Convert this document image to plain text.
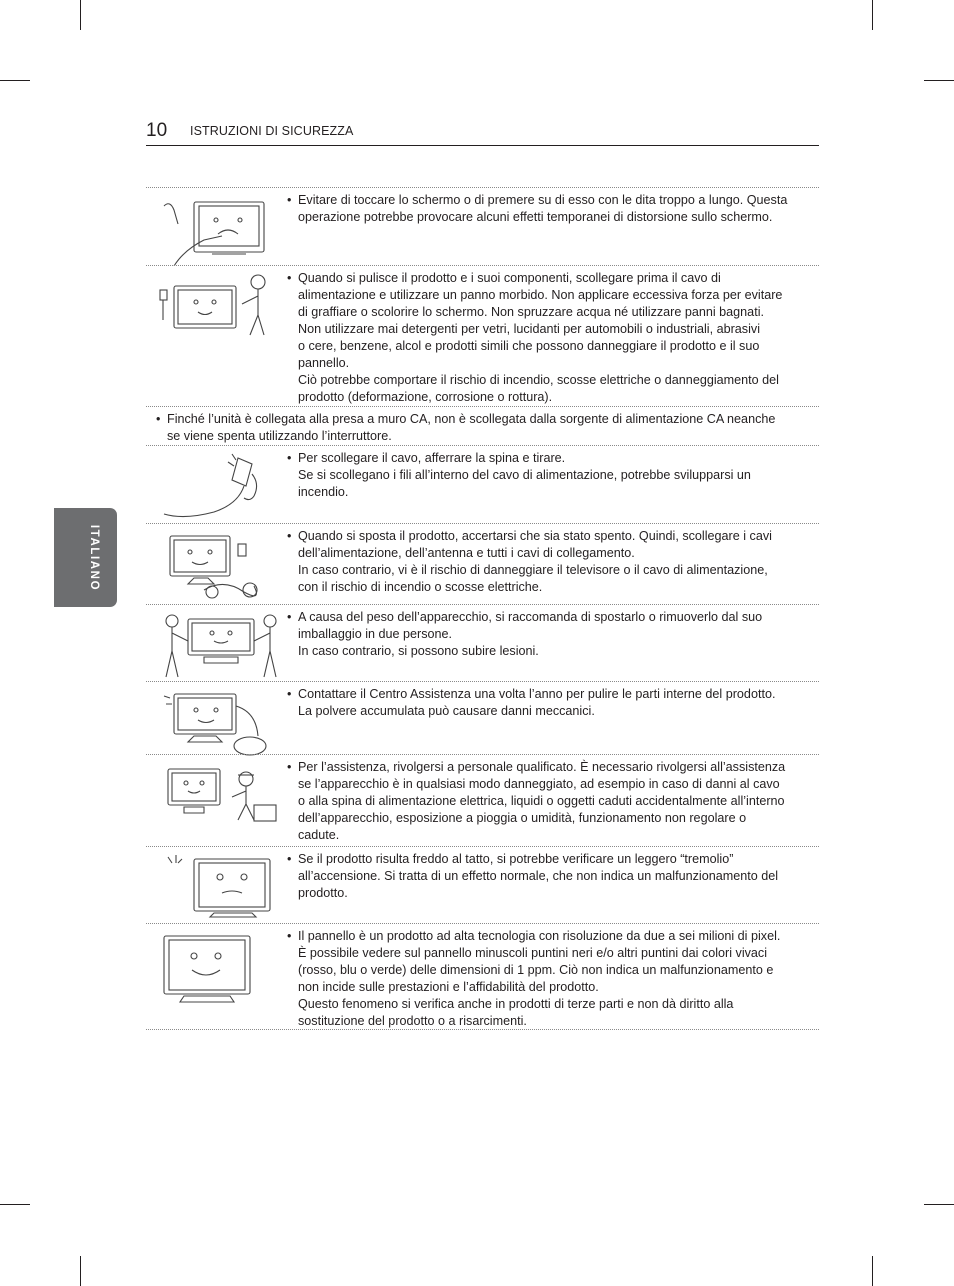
10 ISTRUZIONI DI SICUREZZA
ITALIANO
• Evitare di toccare lo schermo o di premere su di esso con le dita troppo a lungo. Questa
operazione potrebbe provocare alcuni effetti temporanei di distorsione sullo schermo.
• Quando si pulisce il prodotto e i suoi componenti, scollegare prima il cavo di
alimentazione e utilizzare un panno morbido. Non applicare eccessiva forza per evitare
di graffiare o scolorire lo schermo. Non spruzzare acqua né utilizzare panni bagnati.
Non utilizzare mai detergenti per vetri, lucidanti per automobili o industriali, abrasivi
o cere, benzene, alcol e prodotti simili che possono danneggiare il prodotto e il suo
pannello.
Ciò potrebbe comportare il rischio di incendio, scosse elettriche o danneggiamento del
prodotto (deformazione, corrosione o rottura).
• Finché l’unità è collegata alla presa a muro CA, non è scollegata dalla sorgente di alimentazione CA neanche
se viene spenta utilizzando l’interruttore.
• Per scollegare il cavo, afferrare la spina e tirare.
Se si scollegano i fili all’interno del cavo di alimentazione, potrebbe svilupparsi un
incendio.
• Quando si sposta il prodotto, accertarsi che sia stato spento. Quindi, scollegare i cavi
dell’alimentazione, dell’antenna e tutti i cavi di collegamento.
In caso contrario, vi è il rischio di danneggiare il televisore o il cavo di alimentazione,
con il rischio di incendio o scosse elettriche.
• A causa del peso dell’apparecchio, si raccomanda di spostarlo o rimuoverlo dal suo
imballaggio in due persone.
In caso contrario, si possono subire lesioni.
• Contattare il Centro Assistenza una volta l’anno per pulire le parti interne del prodotto.
La polvere accumulata può causare danni meccanici.
• Per l’assistenza, rivolgersi a personale qualificato. È necessario rivolgersi all’assistenza
se l’apparecchio è in qualsiasi modo danneggiato, ad esempio in caso di danni al cavo
o alla spina di alimentazione elettrica, liquidi o oggetti caduti accidentalmente all’interno
dell’apparecchio, esposizione a pioggia o umidità, funzionamento non regolare o
cadute.
• Se il prodotto risulta freddo al tatto, si potrebbe verificare un leggero “tremolio”
all’accensione. Si tratta di un effetto normale, che non indica un malfunzionamento del
prodotto.
• Il pannello è un prodotto ad alta tecnologia con risoluzione da due a sei milioni di pixel.
È possibile vedere sul pannello minuscoli puntini neri e/o altri puntini dai colori vivaci
(rosso, blu o verde) delle dimensioni di 1 ppm. Ciò non indica un malfunzionamento e
non incide sulle prestazioni e l’affidabilità del prodotto.
Questo fenomeno si verifica anche in prodotti di terze parti e non dà diritto alla
sostituzione del prodotto o a risarcimenti.
